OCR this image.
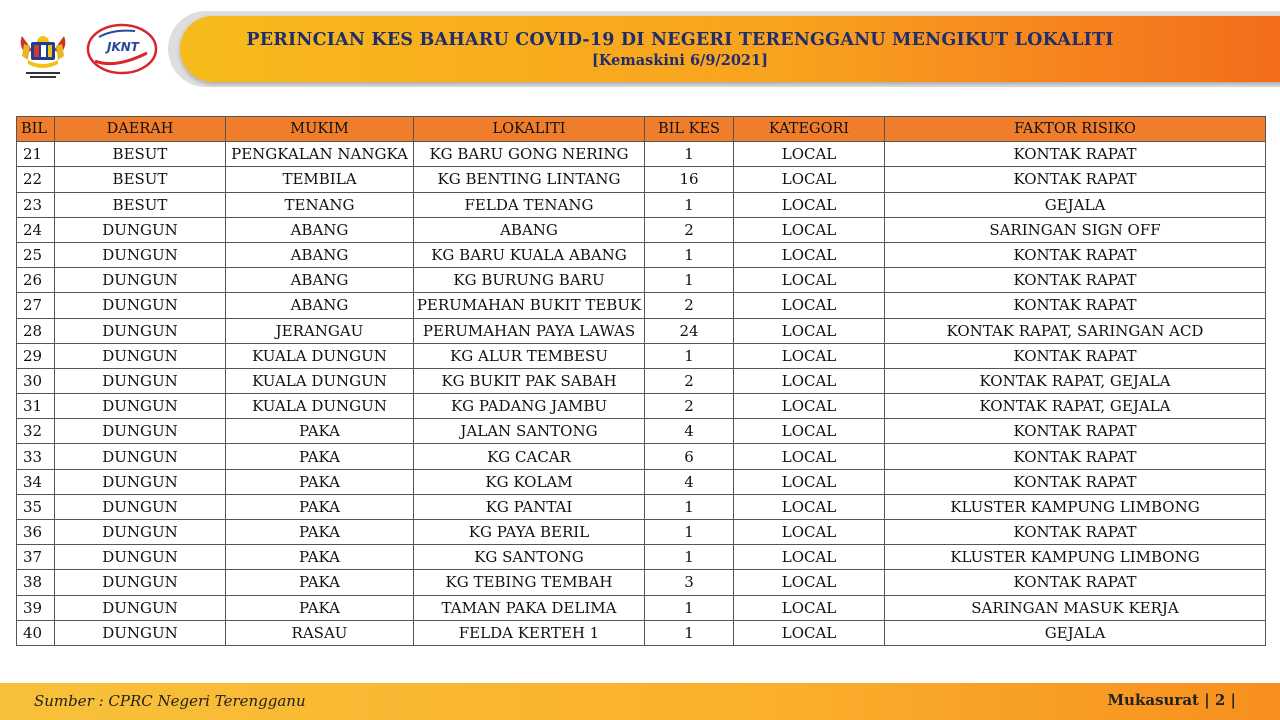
JKNT	PERINCIAN KES BAHARU COVID-19 DI NEGERI TERENGGANU MENGIKUT LOKALITI
[Kemaskini 6/9/2021]
BIL	DAERAH	MUKIM	LOKALITI	BIL KES	KATEGORI	FAKTOR RISIKO
21	BESUT	PENGKALAN NANGKA	KG BARU GONG NERING	1	LOCAL	KONTAK RAPAT
22	BESUT	TEMBILA	KG BENTING LINTANG	16	LOCAL	KONTAK RAPAT
23	BESUT	TENANG	FELDA TENANG	1	LOCAL	GEJALA
24	DUNGUN	ABANG	ABANG	2	LOCAL	SARINGAN SIGN OFF
25	DUNGUN	ABANG	KG BARU KUALA ABANG	1	LOCAL	KONTAK RAPAT
26	DUNGUN	ABANG	KG BURUNG BARU	1	LOCAL	KONTAK RAPAT
27	DUNGUN	ABANG	PERUMAHAN BUKIT TEBUK	2	LOCAL	KONTAK RAPAT
28	DUNGUN	JERANGAU	PERUMAHAN PAYA LAWAS	24	LOCAL	KONTAK RAPAT, SARINGAN ACD
29	DUNGUN	KUALA DUNGUN	KG ALUR TEMBESU	1	LOCAL	KONTAK RAPAT
30	DUNGUN	KUALA DUNGUN	KG BUKIT PAK SABAH	2	LOCAL	KONTAK RAPAT, GEJALA
31	DUNGUN	KUALA DUNGUN	KG PADANG JAMBU	2	LOCAL	KONTAK RAPAT, GEJALA
32	DUNGUN	PAKA	JALAN SANTONG	4	LOCAL	KONTAK RAPAT
33	DUNGUN	PAKA	KG CACAR	6	LOCAL	KONTAK RAPAT
34	DUNGUN	PAKA	KG KOLAM	4	LOCAL	KONTAK RAPAT
35	DUNGUN	PAKA	KG PANTAI	1	LOCAL	KLUSTER KAMPUNG LIMBONG
36	DUNGUN	PAKA	KG PAYA BERIL	1	LOCAL	KONTAK RAPAT
37	DUNGUN	PAKA	KG SANTONG	1	LOCAL	KLUSTER KAMPUNG LIMBONG
38	DUNGUN	PAKA	KG TEBING TEMBAH	3	LOCAL	KONTAK RAPAT
39	DUNGUN	PAKA	TAMAN PAKA DELIMA	1	LOCAL	SARINGAN MASUK KERJA
40	DUNGUN	RASAU	FELDA KERTEH 1	1	LOCAL	GEJALA
Sumber : CPRC Negeri Terengganu	Mukasurat | 2 |
